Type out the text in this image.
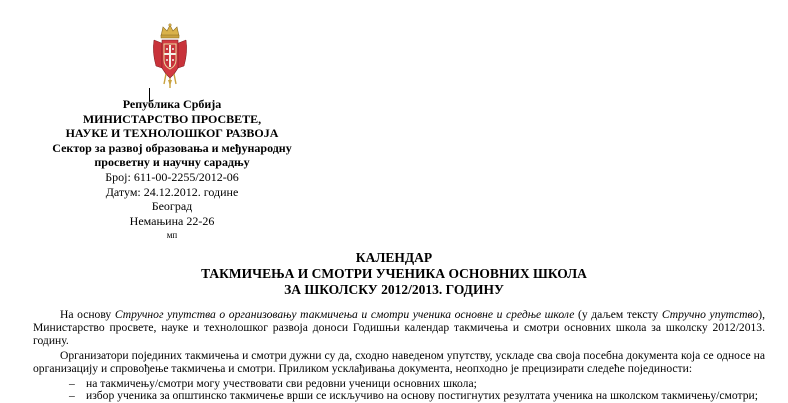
Република Србија
МИНИСТАРСТВО ПРОСВЕТЕ,
НАУКЕ И ТЕХНОЛОШКОГ РАЗВОЈА
Сектор за развој образовања и међународну
просветну и научну сарадњу
Број: 611-00-2255/2012-06
Датум: 24.12.2012. године
Београд
Немањина 22-26
мп
КАЛЕНДАР
ТАКМИЧЕЊА И СМОТРИ УЧЕНИКА ОСНОВНИХ ШКОЛА
ЗА ШКОЛСКУ 2012/2013. ГОДИНУ

На основу Стручног упутства о организовању такмичења и смотри ученика основне и средње школе (у даљем тексту Стручно упутство), Министарство просвете, науке и технолошког развоја доноси Годишњи календар такмичења и смотри основних школа за школску 2012/2013. годину.

Организатори појединих такмичења и смотри дужни су да, сходно наведеном упутству, ускладе сва своја посебна документа која се односе на организацију и спровођење такмичења и смотри. Приликом усклађивања документа, неопходно је прецизирати следеће појединости:

– на такмичењу/смотри могу учествовати сви редовни ученици основних школа;
– избор ученика за општинско такмичење врши се искључиво на основу постигнутих резултата ученика на школском такмичењу/смотри;
